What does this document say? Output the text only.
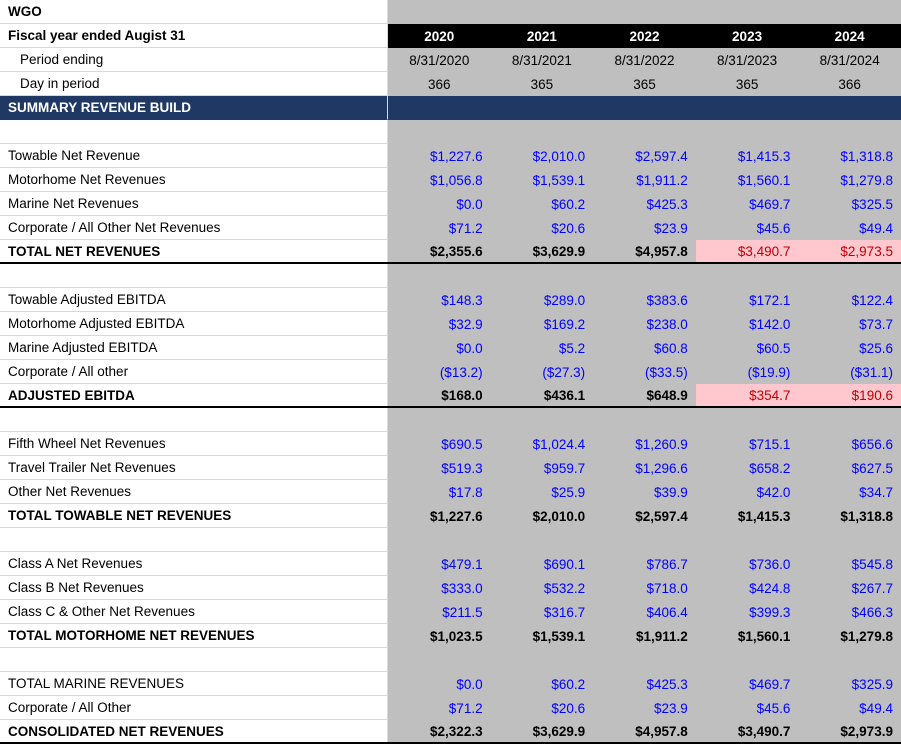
WGO
Fiscal year ended Augist 31	2020	2021	2022	2023	2024
Period ending	8/31/2020	8/31/2021	8/31/2022	8/31/2023	8/31/2024
Day in period	366	365	365	365	366
SUMMARY REVENUE BUILD
Towable Net Revenue	$1,227.6	$2,010.0	$2,597.4	$1,415.3	$1,318.8
Motorhome Net Revenues	$1,056.8	$1,539.1	$1,911.2	$1,560.1	$1,279.8
Marine Net Revenues	$0.0	$60.2	$425.3	$469.7	$325.5
Corporate / All Other Net Revenues	$71.2	$20.6	$23.9	$45.6	$49.4
TOTAL NET REVENUES	$2,355.6	$3,629.9	$4,957.8	$3,490.7	$2,973.5
Towable Adjusted EBITDA	$148.3	$289.0	$383.6	$172.1	$122.4
Motorhome Adjusted EBITDA	$32.9	$169.2	$238.0	$142.0	$73.7
Marine Adjusted EBITDA	$0.0	$5.2	$60.8	$60.5	$25.6
Corporate / All other	($13.2)	($27.3)	($33.5)	($19.9)	($31.1)
ADJUSTED EBITDA	$168.0	$436.1	$648.9	$354.7	$190.6
Fifth Wheel Net Revenues	$690.5	$1,024.4	$1,260.9	$715.1	$656.6
Travel Trailer Net Revenues	$519.3	$959.7	$1,296.6	$658.2	$627.5
Other Net Revenues	$17.8	$25.9	$39.9	$42.0	$34.7
TOTAL TOWABLE NET REVENUES	$1,227.6	$2,010.0	$2,597.4	$1,415.3	$1,318.8
Class A Net Revenues	$479.1	$690.1	$786.7	$736.0	$545.8
Class B Net Revenues	$333.0	$532.2	$718.0	$424.8	$267.7
Class C & Other Net Revenues	$211.5	$316.7	$406.4	$399.3	$466.3
TOTAL MOTORHOME NET REVENUES	$1,023.5	$1,539.1	$1,911.2	$1,560.1	$1,279.8
TOTAL MARINE REVENUES	$0.0	$60.2	$425.3	$469.7	$325.9
Corporate / All Other	$71.2	$20.6	$23.9	$45.6	$49.4
CONSOLIDATED NET REVENUES	$2,322.3	$3,629.9	$4,957.8	$3,490.7	$2,973.9
